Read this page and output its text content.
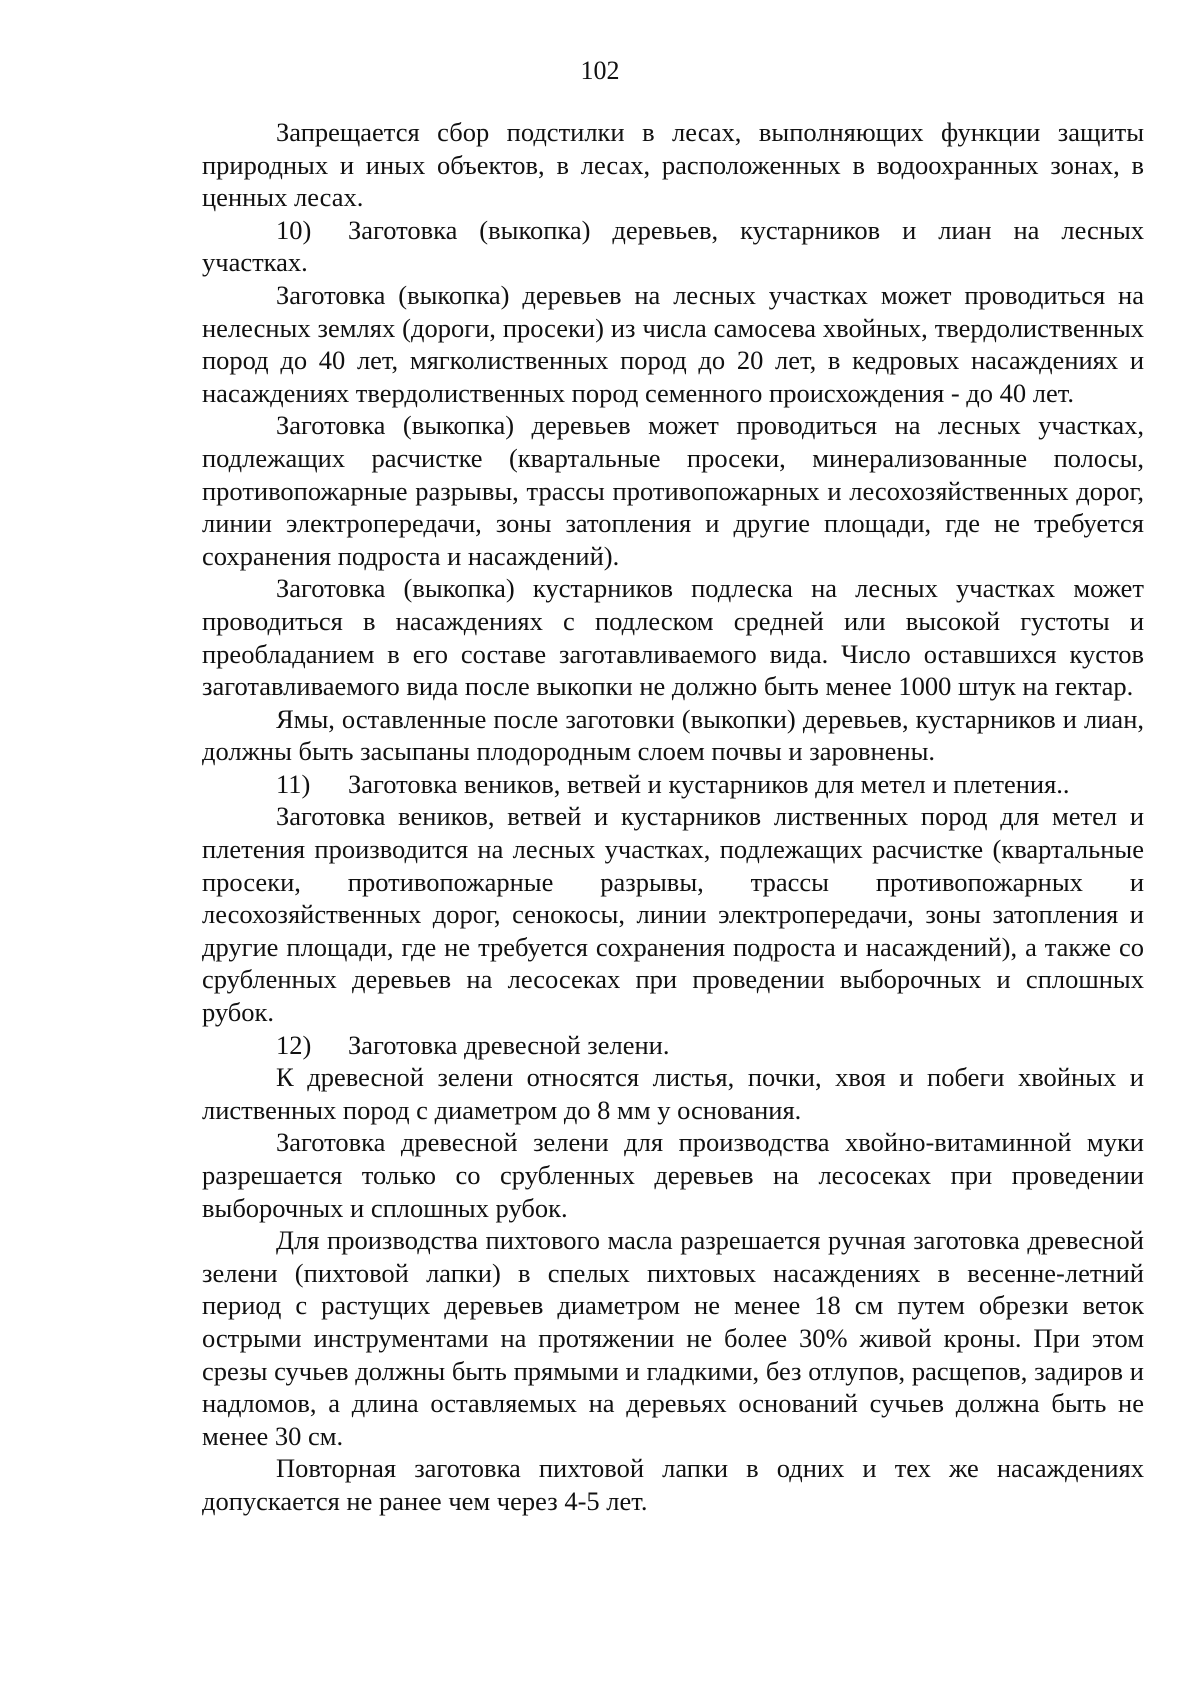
102

Запрещается сбор подстилки в лесах, выполняющих функции защиты природных и иных объектов, в лесах, расположенных в водоохранных зонах, в ценных лесах.

10) Заготовка (выкопка) деревьев, кустарников и лиан на лесных участках.

Заготовка (выкопка) деревьев на лесных участках может проводиться на нелесных землях (дороги, просеки) из числа самосева хвойных, твердолиственных пород до 40 лет, мягколиственных пород до 20 лет, в кедровых насаждениях и насаждениях твердолиственных пород семенного происхождения - до 40 лет.

Заготовка (выкопка) деревьев может проводиться на лесных участках, подлежащих расчистке (квартальные просеки, минерализованные полосы, противопожарные разрывы, трассы противопожарных и лесохозяйственных дорог, линии электропередачи, зоны затопления и другие площади, где не требуется сохранения подроста и насаждений).

Заготовка (выкопка) кустарников подлеска на лесных участках может проводиться в насаждениях с подлеском средней или высокой густоты и преобладанием в его составе заготавливаемого вида. Число оставшихся кустов заготавливаемого вида после выкопки не должно быть менее 1000 штук на гектар.

Ямы, оставленные после заготовки (выкопки) деревьев, кустарников и лиан, должны быть засыпаны плодородным слоем почвы и заровнены.

11) Заготовка веников, ветвей и кустарников для метел и плетения..

Заготовка веников, ветвей и кустарников лиственных пород для метел и плетения производится на лесных участках, подлежащих расчистке (квартальные просеки, противопожарные разрывы, трассы противопожарных и лесохозяйственных дорог, сенокосы, линии электропередачи, зоны затопления и другие площади, где не требуется сохранения подроста и насаждений), а также со срубленных деревьев на лесосеках при проведении выборочных и сплошных рубок.

12) Заготовка древесной зелени.

К древесной зелени относятся листья, почки, хвоя и побеги хвойных и лиственных пород с диаметром до 8 мм у основания.

Заготовка древесной зелени для производства хвойно-витаминной муки разрешается только со срубленных деревьев на лесосеках при проведении выборочных и сплошных рубок.

Для производства пихтового масла разрешается ручная заготовка древесной зелени (пихтовой лапки) в спелых пихтовых насаждениях в весенне-летний период с растущих деревьев диаметром не менее 18 см путем обрезки веток острыми инструментами на протяжении не более 30% живой кроны. При этом срезы сучьев должны быть прямыми и гладкими, без отлупов, расщепов, задиров и надломов, а длина оставляемых на деревьях оснований сучьев должна быть не менее 30 см.

Повторная заготовка пихтовой лапки в одних и тех же насаждениях допускается не ранее чем через 4-5 лет.
